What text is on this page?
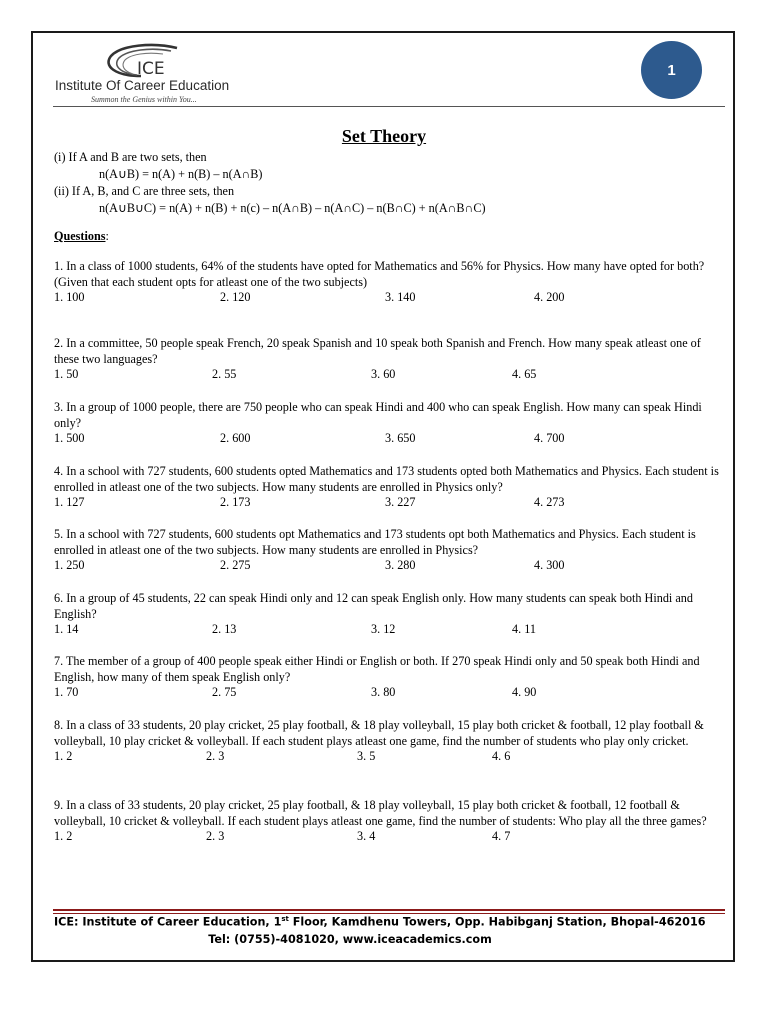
ICE
Institute Of Career Education
Summon the Genius within You...
1
Set Theory
(i) If A and B are two sets, then
n(A∪B) = n(A) + n(B) – n(A∩B)
(ii) If A, B, and C are three sets, then
n(A∪B∪C) = n(A) + n(B) + n(c) – n(A∩B) – n(A∩C) – n(B∩C) + n(A∩B∩C)
Questions:
1. In a class of 1000 students, 64% of the students have opted for Mathematics and 56% for Physics. How many have opted for both? (Given that each student opts for atleast one of the two subjects)
1. 100	2. 120	3. 140	4. 200
2. In a committee, 50 people speak French, 20 speak Spanish and 10 speak both Spanish and French. How many speak atleast one of these two languages?
1. 50	2. 55	3. 60	4. 65
3. In a group of 1000 people, there are 750 people who can speak Hindi and 400 who can speak English. How many can speak Hindi only?
1. 500	2. 600	3. 650	4. 700
4. In a school with 727 students, 600 students opted Mathematics and 173 students opted both Mathematics and Physics. Each student is enrolled in atleast one of the two subjects. How many students are enrolled in Physics only?
1. 127	2. 173	3. 227	4. 273
5. In a school with 727 students, 600 students opt Mathematics and 173 students opt both Mathematics and Physics. Each student is enrolled in atleast one of the two subjects. How many students are enrolled in Physics?
1. 250	2. 275	3. 280	4. 300
6. In a group of 45 students, 22 can speak Hindi only and 12 can speak English only. How many students can speak both Hindi and English?
1. 14	2. 13	3. 12	4. 11
7. The member of a group of 400 people speak either Hindi or English or both. If 270 speak Hindi only and 50 speak both Hindi and English, how many of them speak English only?
1. 70	2. 75	3. 80	4. 90
8. In a class of 33 students, 20 play cricket, 25 play football, & 18 play volleyball, 15 play both cricket & football, 12 play football & volleyball, 10 play cricket & volleyball. If each student plays atleast one game, find the number of students who play only cricket.
1. 2	2. 3	3. 5	4. 6
9. In a class of 33 students, 20 play cricket, 25 play football, & 18 play volleyball, 15 play both cricket & football, 12 football & volleyball, 10 cricket & volleyball. If each student plays atleast one game, find the number of students: Who play all the three games?
1. 2	2. 3	3. 4	4. 7
ICE: Institute of Career Education, 1st Floor, Kamdhenu Towers, Opp. Habibganj Station, Bhopal-462016
Tel: (0755)-4081020, www.iceacademics.com
